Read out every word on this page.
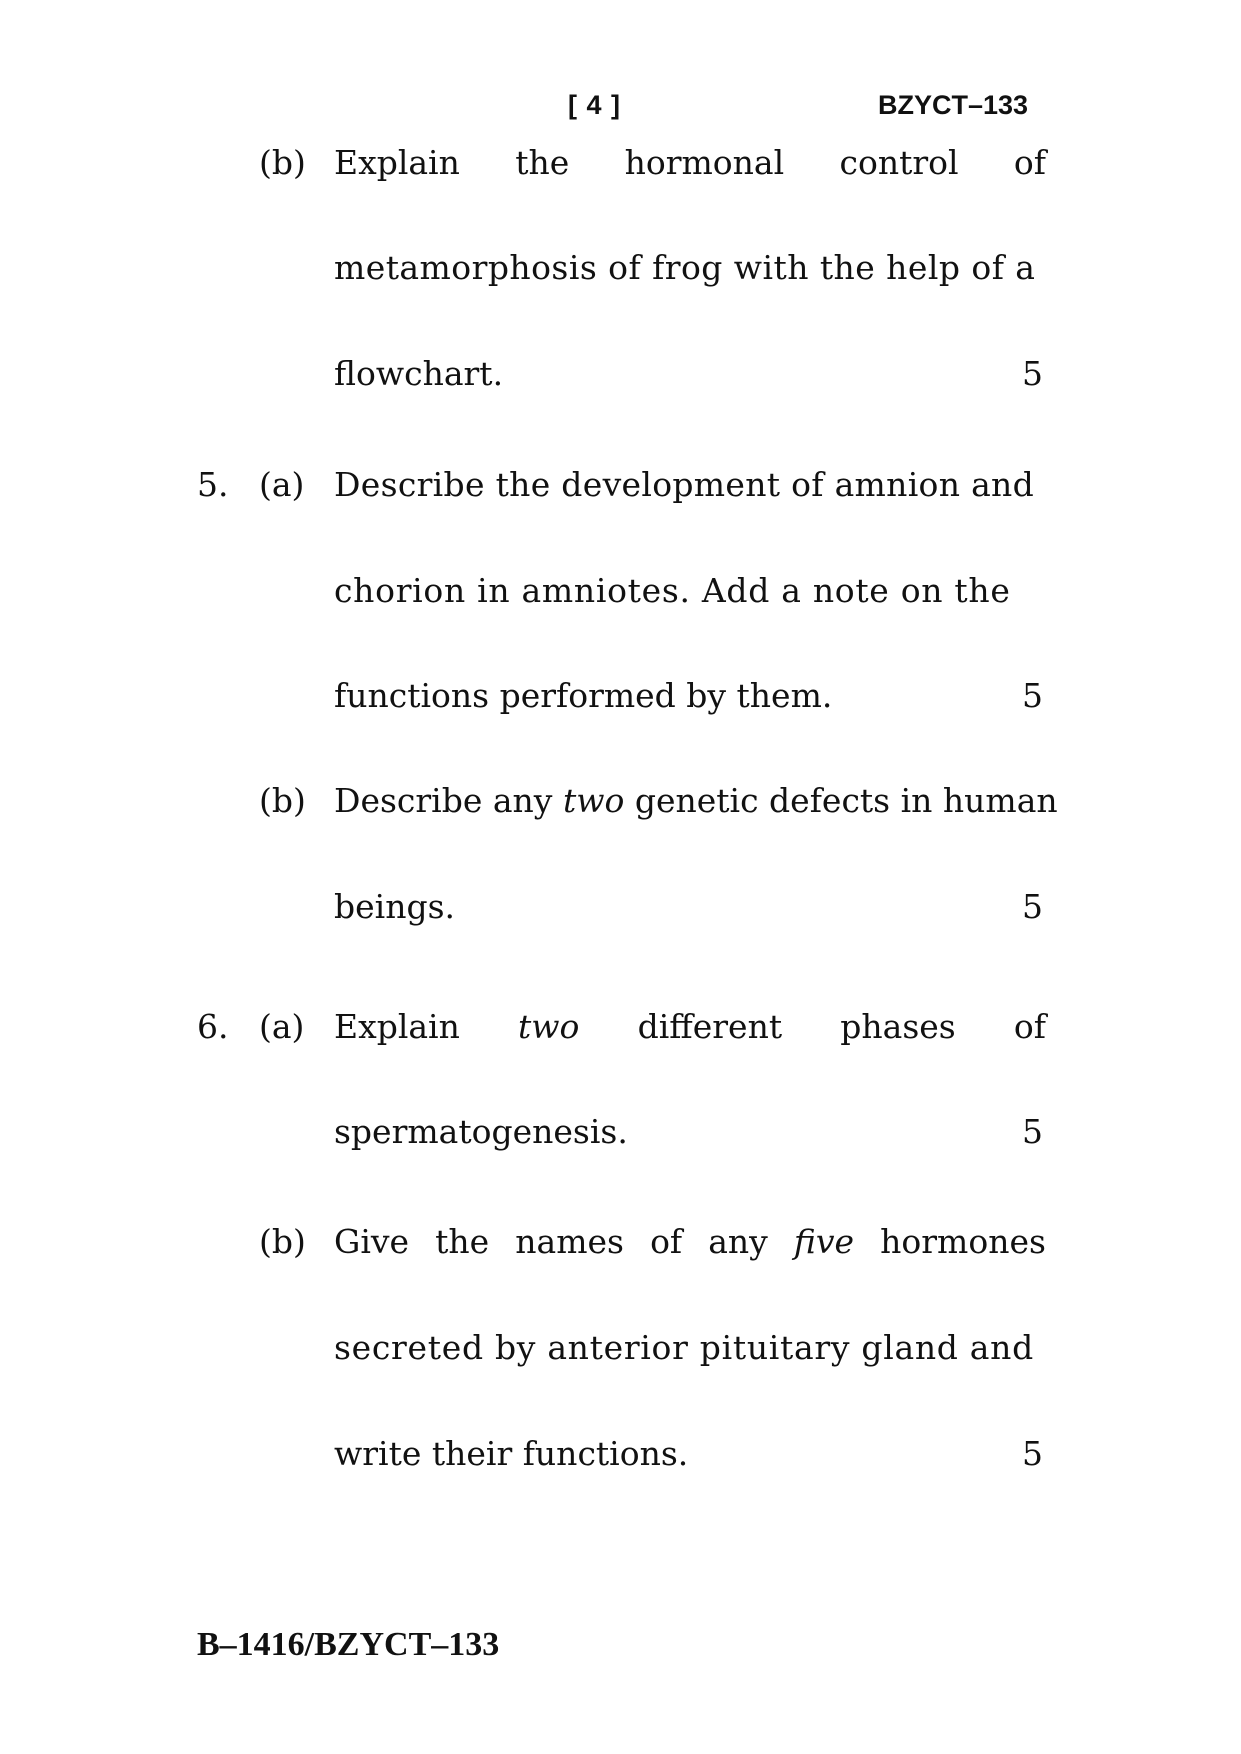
[ 4 ]	BZYCT–133
(b) Explain the hormonal control of
metamorphosis of frog with the help of a
flowchart.	5
5. (a) Describe the development of amnion and
chorion in amniotes. Add a note on the
functions performed by them.	5
(b) Describe any two genetic defects in human
beings.	5
6. (a) Explain two different phases of
spermatogenesis.	5
(b) Give the names of any five hormones
secreted by anterior pituitary gland and
write their functions.	5
B–1416/BZYCT–133
